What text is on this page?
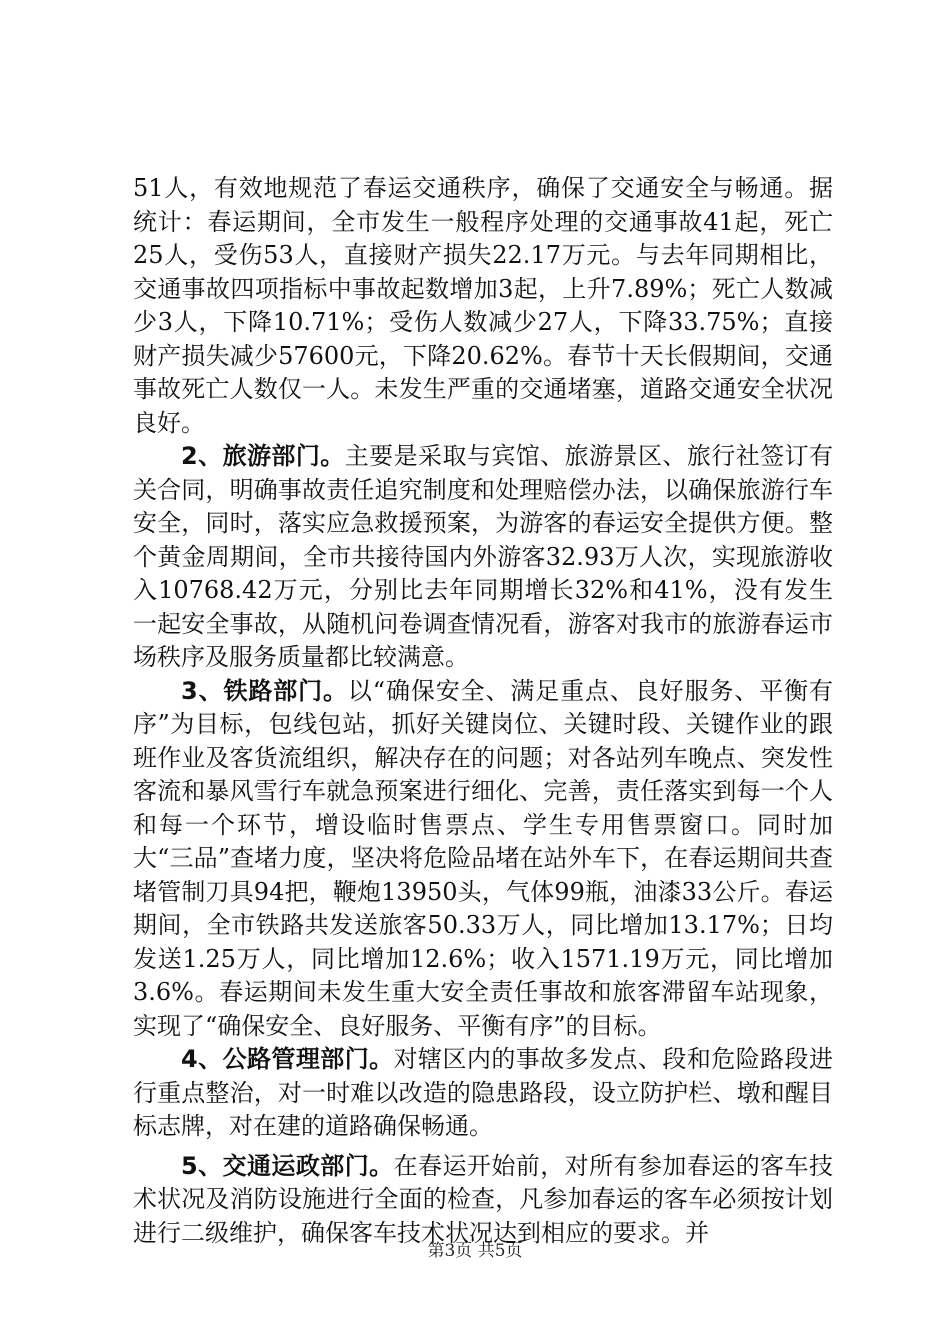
51人，有效地规范了春运交通秩序，确保了交通安全与畅通。据统计：春运期间，全市发生一般程序处理的交通事故41起，死亡25人，受伤53人，直接财产损失22.17万元。与去年同期相比，交通事故四项指标中事故起数增加3起，上升7.89%；死亡人数减少3人，下降10.71%；受伤人数减少27人，下降33.75%；直接财产损失减少57600元，下降20.62%。春节十天长假期间，交通事故死亡人数仅一人。未发生严重的交通堵塞，道路交通安全状况良好。

2、旅游部门。主要是采取与宾馆、旅游景区、旅行社签订有关合同，明确事故责任追究制度和处理赔偿办法，以确保旅游行车安全，同时，落实应急救援预案，为游客的春运安全提供方便。整个黄金周期间，全市共接待国内外游客32.93万人次，实现旅游收入10768.42万元，分别比去年同期增长32%和41%，没有发生一起安全事故，从随机问卷调查情况看，游客对我市的旅游春运市场秩序及服务质量都比较满意。

3、铁路部门。以“确保安全、满足重点、良好服务、平衡有序”为目标，包线包站，抓好关键岗位、关键时段、关键作业的跟班作业及客货流组织，解决存在的问题；对各站列车晚点、突发性客流和暴风雪行车就急预案进行细化、完善，责任落实到每一个人和每一个环节，增设临时售票点、学生专用售票窗口。同时加大“三品”查堵力度，坚决将危险品堵在站外车下，在春运期间共查堵管制刀具94把，鞭炮13950头，气体99瓶，油漆33公斤。春运期间，全市铁路共发送旅客50.33万人，同比增加13.17%；日均发送1.25万人，同比增加12.6%；收入1571.19万元，同比增加3.6%。春运期间未发生重大安全责任事故和旅客滞留车站现象，实现了“确保安全、良好服务、平衡有序”的目标。

4、公路管理部门。对辖区内的事故多发点、段和危险路段进行重点整治，对一时难以改造的隐患路段，设立防护栏、墩和醒目标志牌，对在建的道路确保畅通。

5、交通运政部门。在春运开始前，对所有参加春运的客车技术状况及消防设施进行全面的检查，凡参加春运的客车必须按计划进行二级维护，确保客车技术状况达到相应的要求。并

第3页 共5页
